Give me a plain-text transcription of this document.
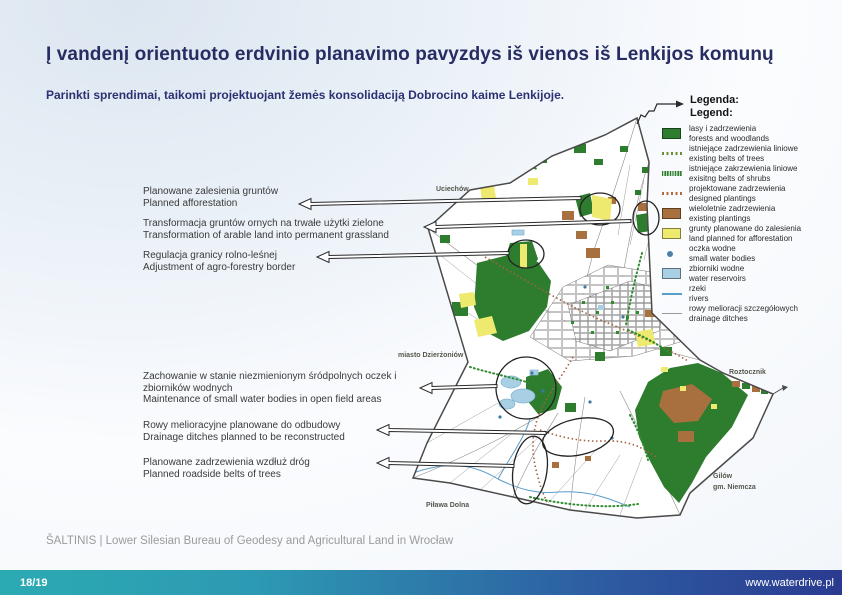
Į vandenį orientuoto erdvinio planavimo pavyzdys iš vienos iš Lenkijos komunų

Parinkti sprendimai, taikomi projektuojant žemės konsolidaciją Dobrocino kaime Lenkijoje.

Uciechów
miasto Dzierżoniów
Roztocznik
Gilów
gm. Niemcza
Piława Dolna
Legenda:
Legend:
lasy i zadrzewienia
forests and woodlands
istniejące zadrzewienia liniowe
existing belts of trees
istniejące zakrzewienia liniowe
exisitng belts of shrubs
projektowane zadrzewienia
designed plantings
wieloletnie zadrzewienia
existing plantings
grunty planowane do zalesienia
land planned for afforestation
oczka wodne
small water bodies
zbiorniki wodne
water reservoirs
rzeki
rivers
rowy melioracji szczegółowych
drainage ditches
Planowane zalesienia gruntów
Planned afforestation
Transformacja gruntów ornych na trwałe użytki zielone
Transformation of arable land into permanent grassland
Regulacja granicy rolno-leśnej
Adjustment of agro-forestry border
Zachowanie w stanie niezmienionym śródpolnych oczek i zbiorników wodnych
Maintenance of small water bodies in open field areas
Rowy melioracyjne planowane do odbudowy
Drainage ditches planned to be reconstructed
Planowane zadrzewienia wzdłuż dróg
Planned roadside belts of trees

ŠALTINIS | Lower Silesian Bureau of Geodesy and Agricultural Land in Wrocław

18/19	www.waterdrive.pl
